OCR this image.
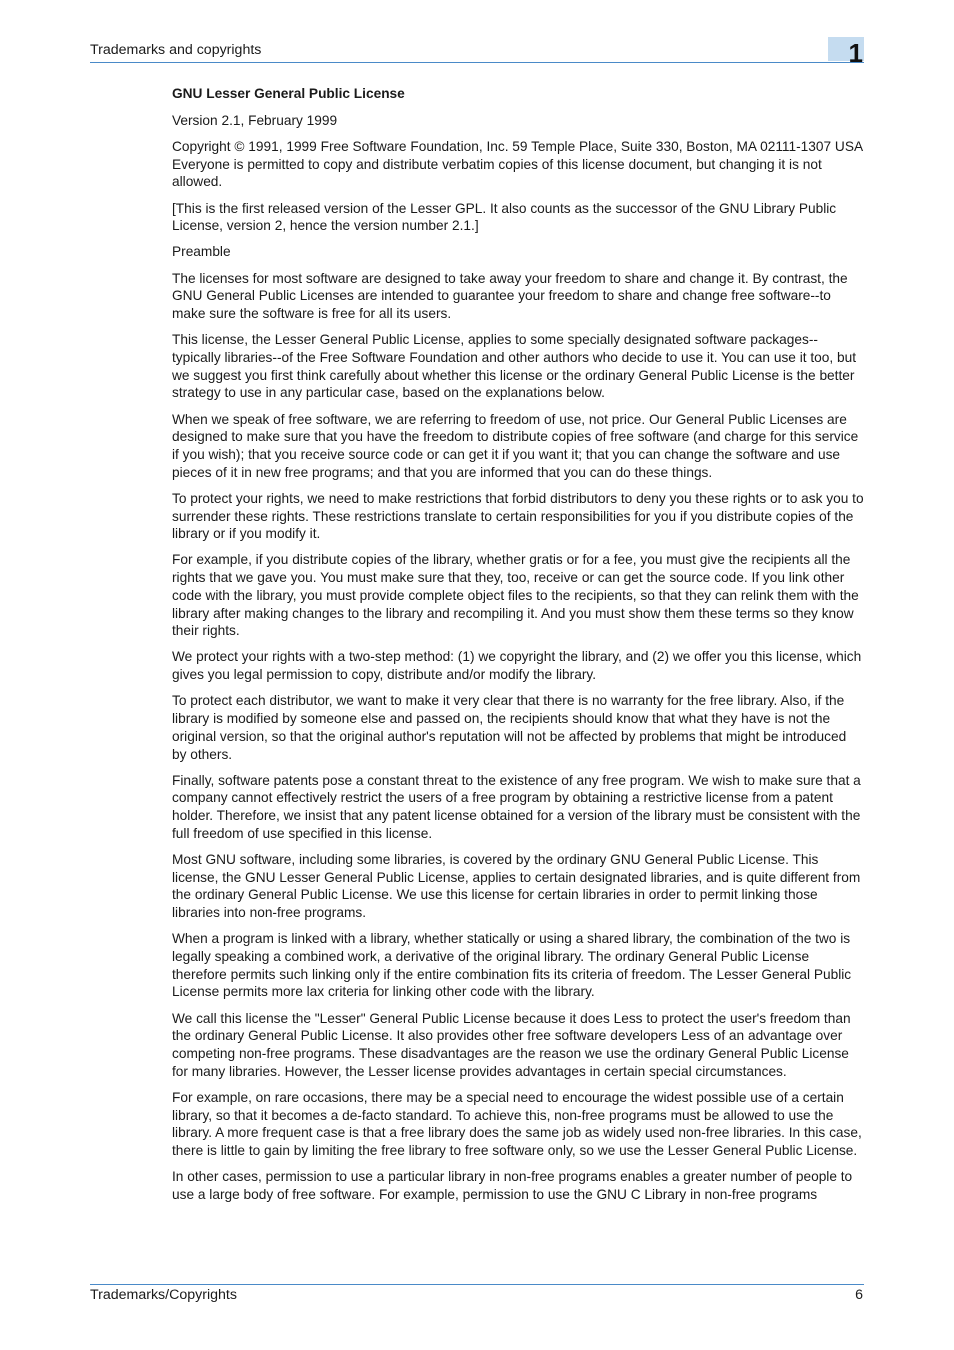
Trademarks and copyrights	1

GNU Lesser General Public License

Version 2.1, February 1999

Copyright © 1991, 1999 Free Software Foundation, Inc. 59 Temple Place, Suite 330, Boston, MA 02111-1307 USA Everyone is permitted to copy and distribute verbatim copies of this license document, but changing it is not allowed.

[This is the first released version of the Lesser GPL. It also counts as the successor of the GNU Library Public License, version 2, hence the version number 2.1.]

Preamble

The licenses for most software are designed to take away your freedom to share and change it. By contrast, the GNU General Public Licenses are intended to guarantee your freedom to share and change free software--to make sure the software is free for all its users.

This license, the Lesser General Public License, applies to some specially designated software packages--typically libraries--of the Free Software Foundation and other authors who decide to use it. You can use it too, but we suggest you first think carefully about whether this license or the ordinary General Public License is the better strategy to use in any particular case, based on the explanations below.

When we speak of free software, we are referring to freedom of use, not price. Our General Public Licenses are designed to make sure that you have the freedom to distribute copies of free software (and charge for this service if you wish); that you receive source code or can get it if you want it; that you can change the software and use pieces of it in new free programs; and that you are informed that you can do these things.

To protect your rights, we need to make restrictions that forbid distributors to deny you these rights or to ask you to surrender these rights. These restrictions translate to certain responsibilities for you if you distribute copies of the library or if you modify it.

For example, if you distribute copies of the library, whether gratis or for a fee, you must give the recipients all the rights that we gave you. You must make sure that they, too, receive or can get the source code. If you link other code with the library, you must provide complete object files to the recipients, so that they can relink them with the library after making changes to the library and recompiling it. And you must show them these terms so they know their rights.

We protect your rights with a two-step method: (1) we copyright the library, and (2) we offer you this license, which gives you legal permission to copy, distribute and/or modify the library.

To protect each distributor, we want to make it very clear that there is no warranty for the free library. Also, if the library is modified by someone else and passed on, the recipients should know that what they have is not the original version, so that the original author's reputation will not be affected by problems that might be introduced by others.

Finally, software patents pose a constant threat to the existence of any free program. We wish to make sure that a company cannot effectively restrict the users of a free program by obtaining a restrictive license from a patent holder. Therefore, we insist that any patent license obtained for a version of the library must be consistent with the full freedom of use specified in this license.

Most GNU software, including some libraries, is covered by the ordinary GNU General Public License. This license, the GNU Lesser General Public License, applies to certain designated libraries, and is quite different from the ordinary General Public License. We use this license for certain libraries in order to permit linking those libraries into non-free programs.

When a program is linked with a library, whether statically or using a shared library, the combination of the two is legally speaking a combined work, a derivative of the original library. The ordinary General Public License therefore permits such linking only if the entire combination fits its criteria of freedom. The Lesser General Public License permits more lax criteria for linking other code with the library.

We call this license the "Lesser" General Public License because it does Less to protect the user's freedom than the ordinary General Public License. It also provides other free software developers Less of an advantage over competing non-free programs. These disadvantages are the reason we use the ordinary General Public License for many libraries. However, the Lesser license provides advantages in certain special circumstances.

For example, on rare occasions, there may be a special need to encourage the widest possible use of a certain library, so that it becomes a de-facto standard. To achieve this, non-free programs must be allowed to use the library. A more frequent case is that a free library does the same job as widely used non-free libraries. In this case, there is little to gain by limiting the free library to free software only, so we use the Lesser General Public License.

In other cases, permission to use a particular library in non-free programs enables a greater number of people to use a large body of free software. For example, permission to use the GNU C Library in non-free programs

Trademarks/Copyrights	6
